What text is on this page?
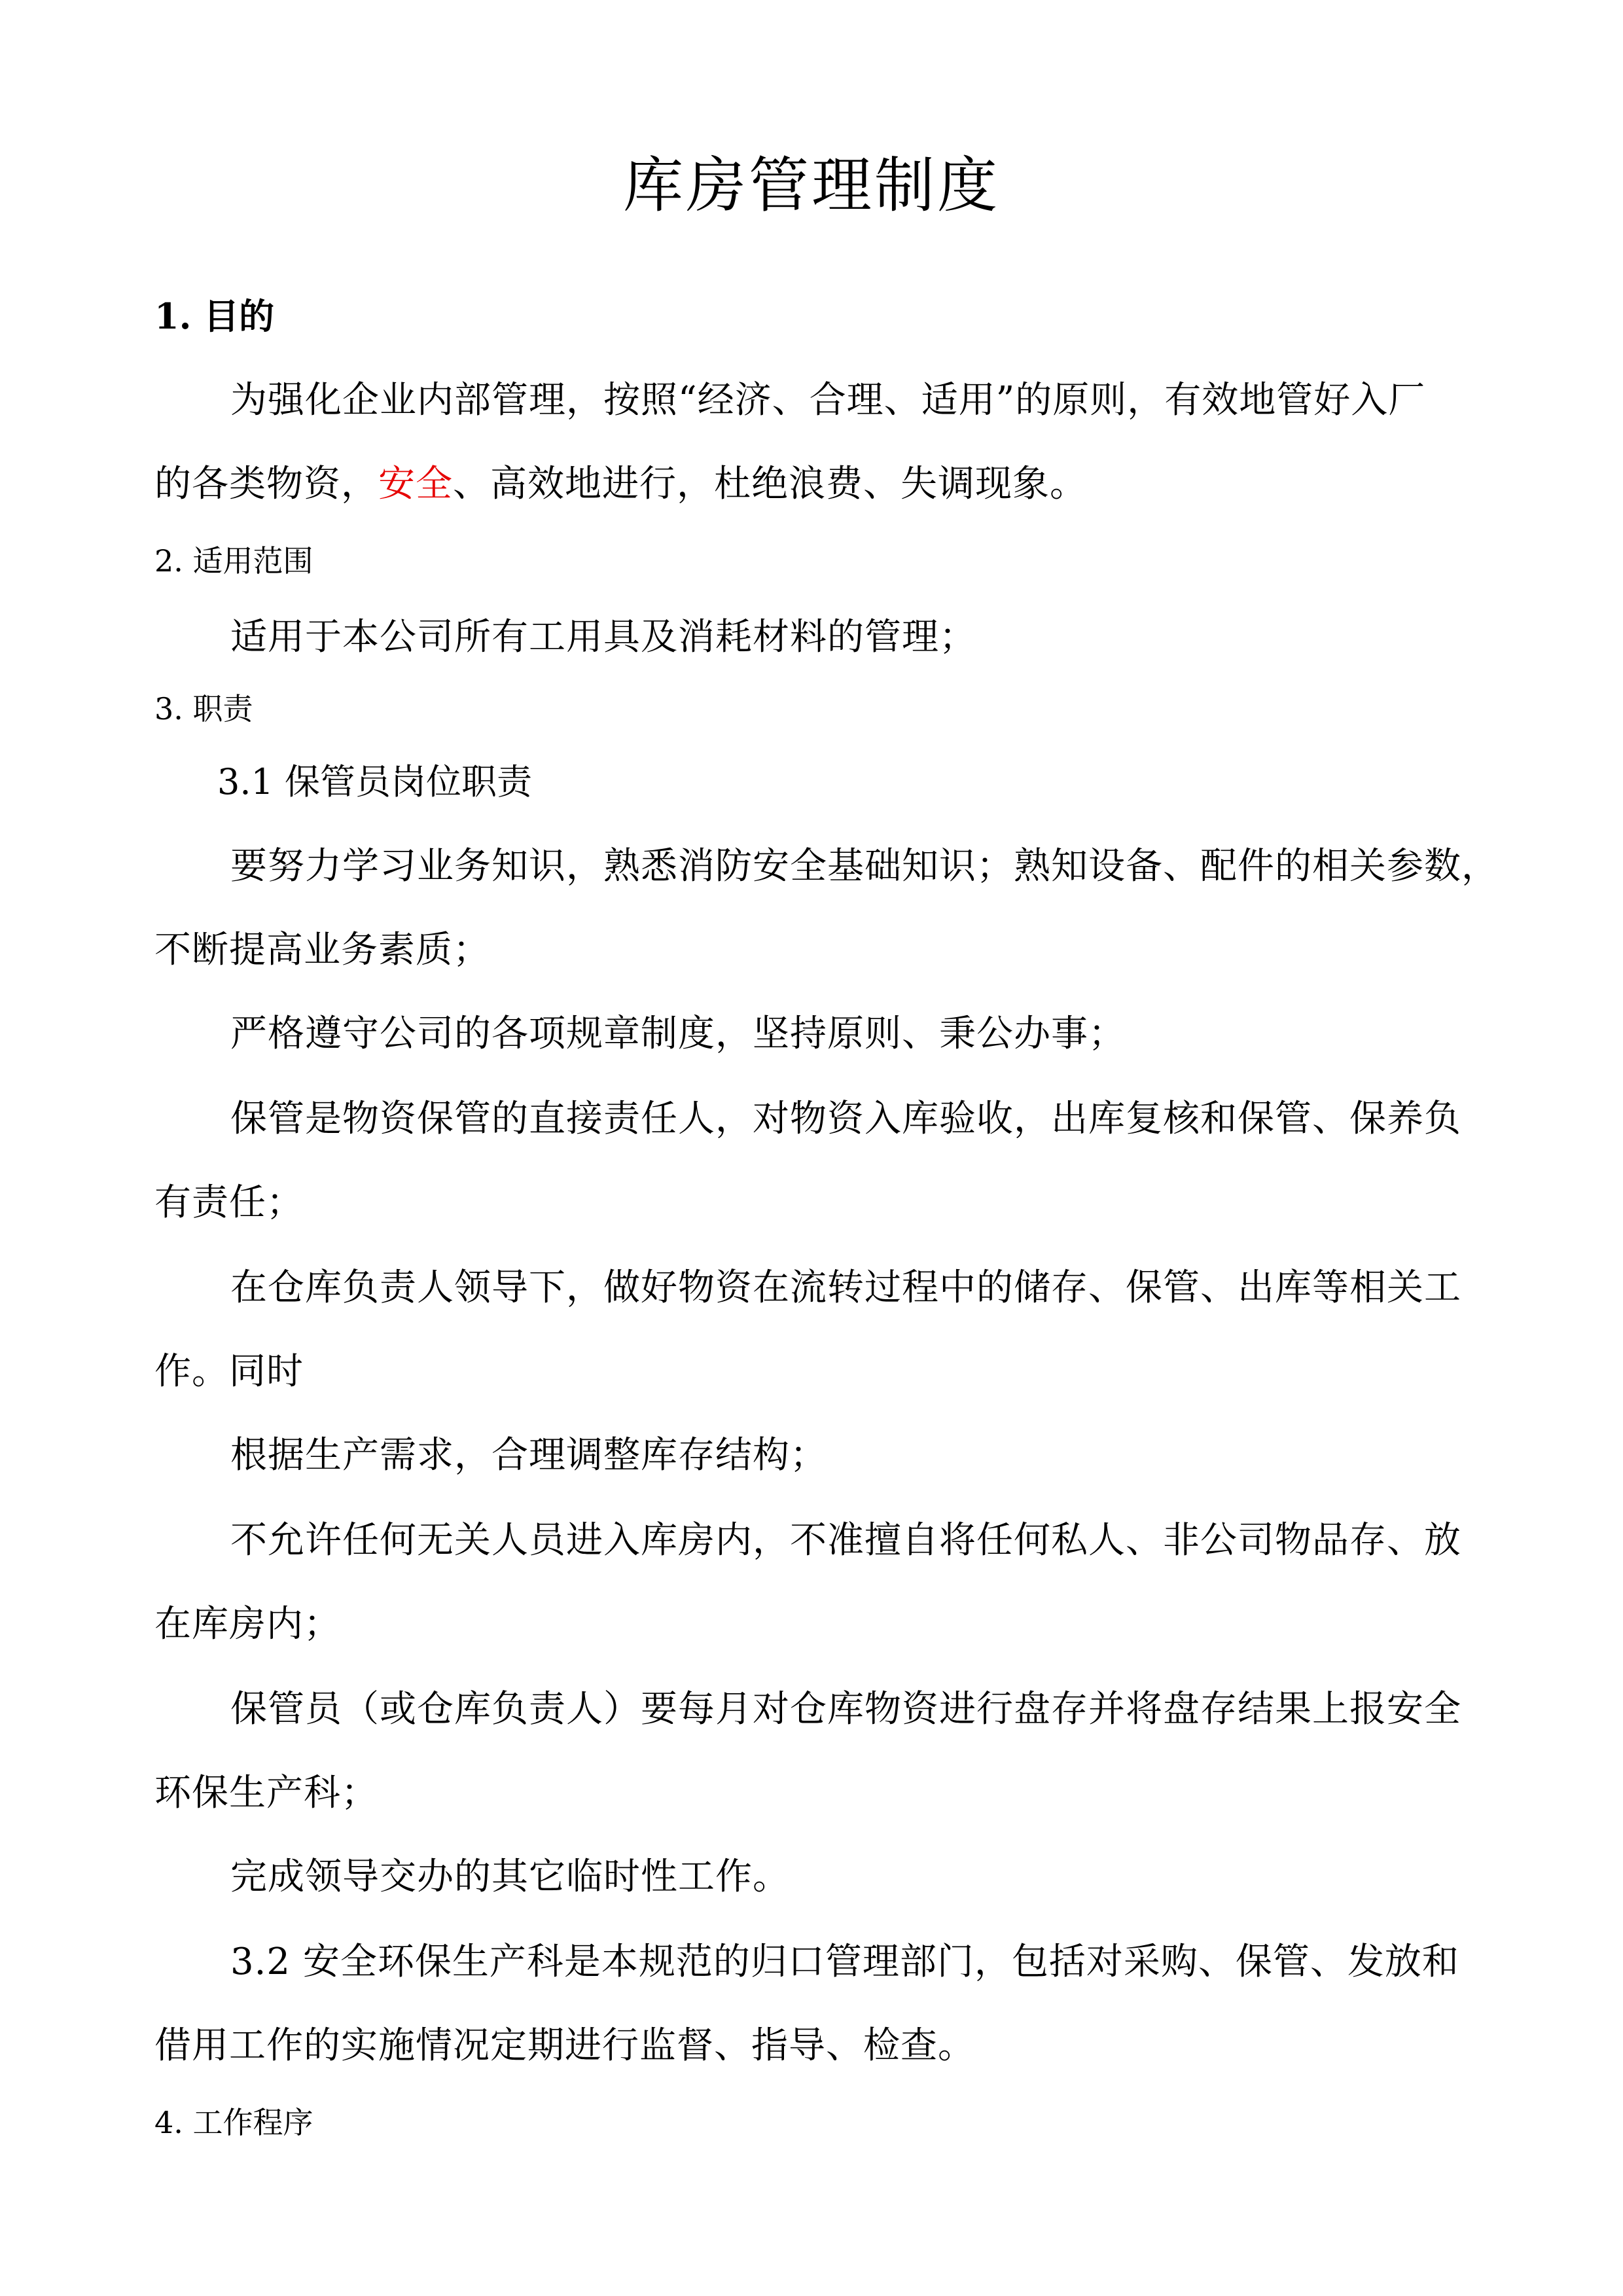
库房管理制度
1. 目的
为强化企业内部管理，按照“经济、合理、适用”的原则，有效地管好入厂
的各类物资，安全、高效地进行，杜绝浪费、失调现象。
2. 适用范围
适用于本公司所有工用具及消耗材料的管理；
3. 职责
3.1 保管员岗位职责
要努力学习业务知识，熟悉消防安全基础知识；熟知设备、配件的相关参数，
不断提高业务素质；
严格遵守公司的各项规章制度，坚持原则、秉公办事；
保管是物资保管的直接责任人，对物资入库验收，出库复核和保管、保养负
有责任；
在仓库负责人领导下，做好物资在流转过程中的储存、保管、出库等相关工
作。同时
根据生产需求，合理调整库存结构；
不允许任何无关人员进入库房内，不准擅自将任何私人、非公司物品存、放
在库房内；
保管员（或仓库负责人）要每月对仓库物资进行盘存并将盘存结果上报安全
环保生产科；
完成领导交办的其它临时性工作。
3.2 安全环保生产科是本规范的归口管理部门，包括对采购、保管、发放和
借用工作的实施情况定期进行监督、指导、检查。
4. 工作程序
